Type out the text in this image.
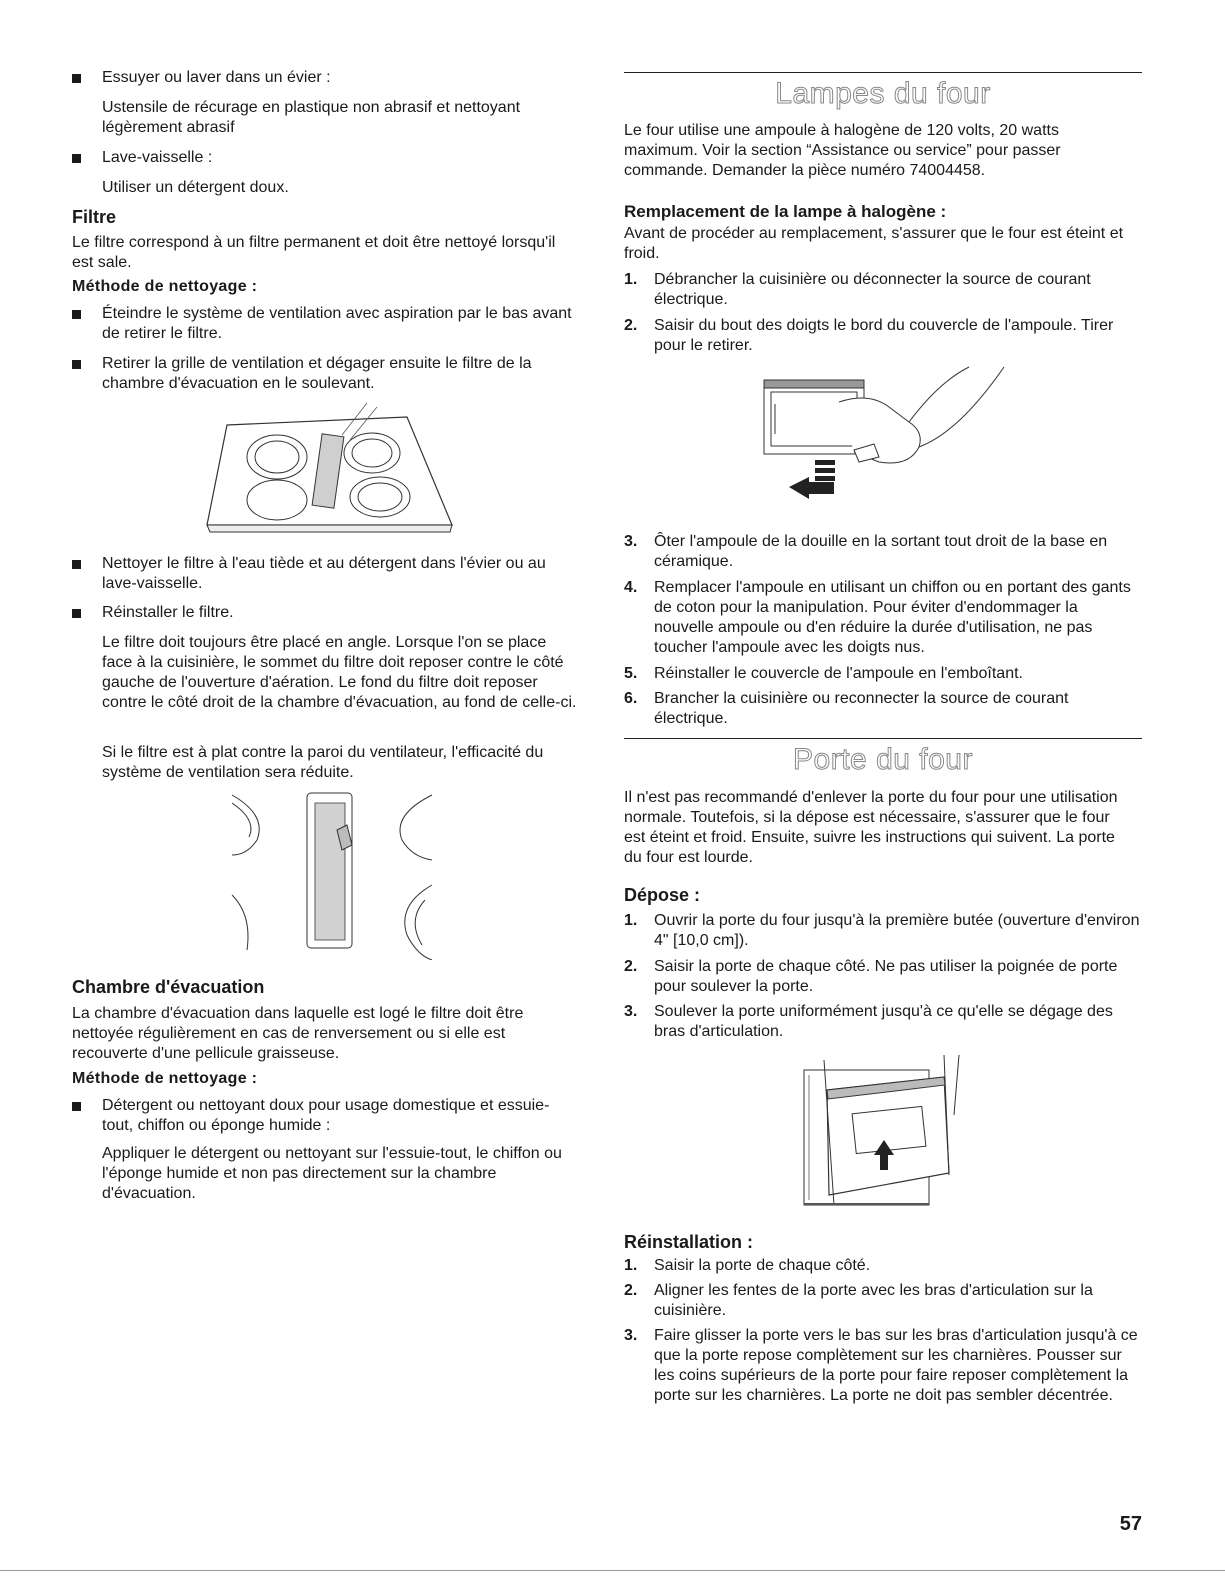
Essuyer ou laver dans un évier :

Ustensile de récurage en plastique non abrasif et nettoyant légèrement abrasif

Lave-vaisselle :

Utiliser un détergent doux.

Filtre

Le filtre correspond à un filtre permanent et doit être nettoyé lorsqu'il est sale.

Méthode de nettoyage :
Éteindre le système de ventilation avec aspiration par le bas avant de retirer le filtre.
Retirer la grille de ventilation et dégager ensuite le filtre de la chambre d'évacuation en le soulevant.
Nettoyer le filtre à l'eau tiède et au détergent dans l'évier ou au lave-vaisselle.
Réinstaller le filtre.

Le filtre doit toujours être placé en angle. Lorsque l'on se place face à la cuisinière, le sommet du filtre doit reposer contre le côté gauche de l'ouverture d'aération. Le fond du filtre doit reposer contre le côté droit de la chambre d'évacuation, au fond de celle-ci.

Si le filtre est à plat contre la paroi du ventilateur, l'efficacité du système de ventilation sera réduite.

Chambre d'évacuation

La chambre d'évacuation dans laquelle est logé le filtre doit être nettoyée régulièrement en cas de renversement ou si elle est recouverte d'une pellicule graisseuse.

Méthode de nettoyage :
Détergent ou nettoyant doux pour usage domestique et essuie-tout, chiffon ou éponge humide :

Appliquer le détergent ou nettoyant sur l'essuie-tout, le chiffon ou l'éponge humide et non pas directement sur la chambre d'évacuation.

Lampes du four

Le four utilise une ampoule à halogène de 120 volts, 20 watts maximum. Voir la section “Assistance ou service” pour passer commande. Demander la pièce numéro 74004458.

Remplacement de la lampe à halogène :

Avant de procéder au remplacement, s'assurer que le four est éteint et froid.

1.	Débrancher la cuisinière ou déconnecter la source de courant électrique.
2.	Saisir du bout des doigts le bord du couvercle de l'ampoule. Tirer pour le retirer.
3.	Ôter l'ampoule de la douille en la sortant tout droit de la base en céramique.
4.	Remplacer l'ampoule en utilisant un chiffon ou en portant des gants de coton pour la manipulation. Pour éviter d'endommager la nouvelle ampoule ou d'en réduire la durée d'utilisation, ne pas toucher l'ampoule avec les doigts nus.
5.	Réinstaller le couvercle de l'ampoule en l'emboîtant.
6.	Brancher la cuisinière ou reconnecter la source de courant électrique.
Porte du four

Il n'est pas recommandé d'enlever la porte du four pour une utilisation normale. Toutefois, si la dépose est nécessaire, s'assurer que le four est éteint et froid. Ensuite, suivre les instructions qui suivent. La porte du four est lourde.

Dépose :
1.	Ouvrir la porte du four jusqu'à la première butée (ouverture d'environ 4" [10,0 cm]).
2.	Saisir la porte de chaque côté. Ne pas utiliser la poignée de porte pour soulever la porte.
3.	Soulever la porte uniformément jusqu'à ce qu'elle se dégage des bras d'articulation.
Réinstallation :
1.	Saisir la porte de chaque côté.
2.	Aligner les fentes de la porte avec les bras d'articulation sur la cuisinière.
3.	Faire glisser la porte vers le bas sur les bras d'articulation jusqu'à ce que la porte repose complètement sur les charnières. Pousser sur les coins supérieurs de la porte pour faire reposer complètement la porte sur les charnières. La porte ne doit pas sembler décentrée.
57
